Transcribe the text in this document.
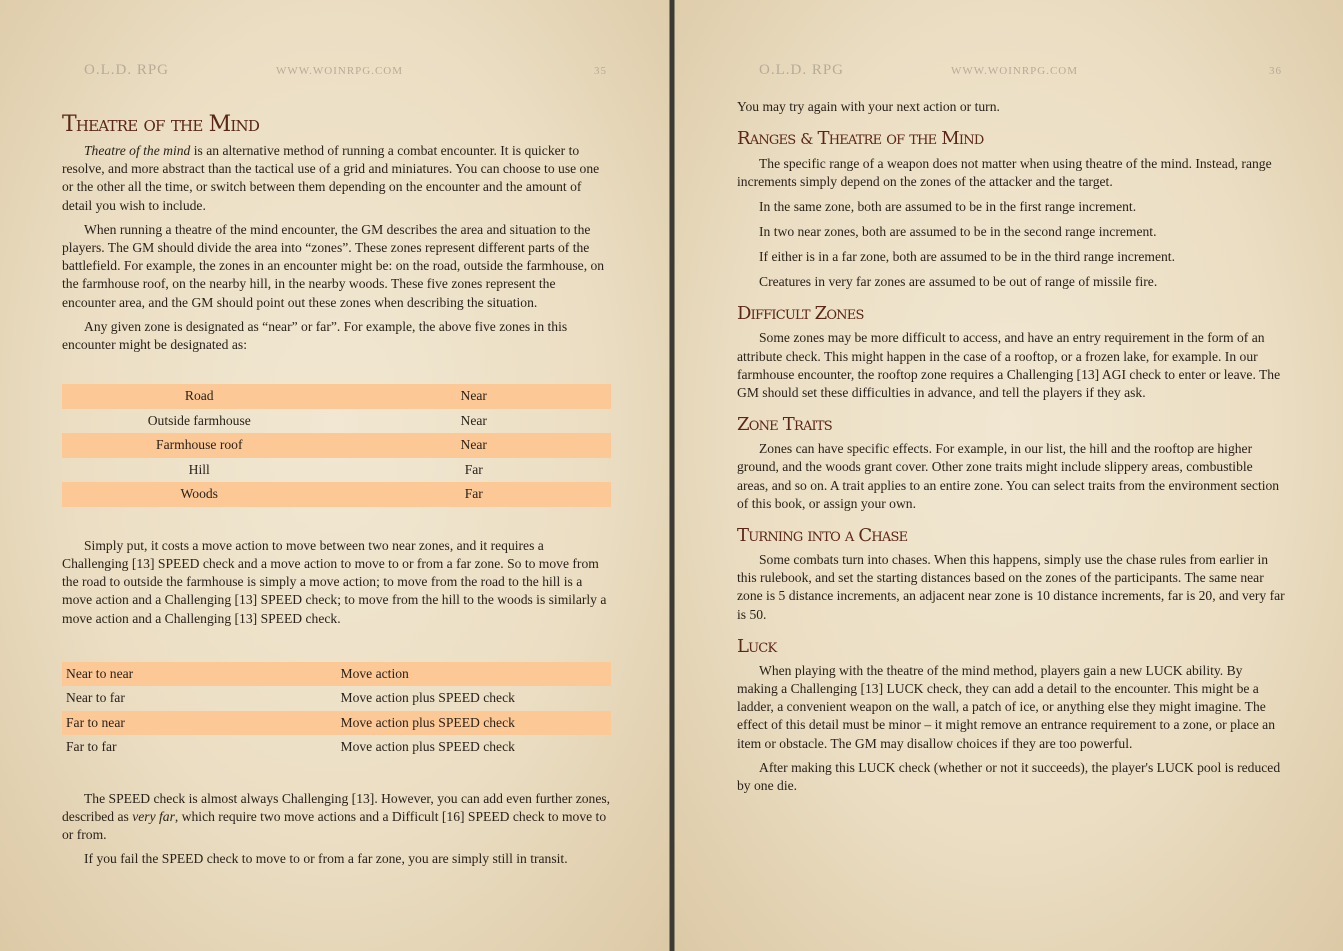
O.L.D. RPG	WWW.WOINRPG.COM	35
Theatre of the Mind

Theatre of the mind is an alternative method of running a combat encounter. It is quicker to resolve, and more abstract than the tactical use of a grid and miniatures. You can choose to use one or the other all the time, or switch between them depending on the encounter and the amount of detail you wish to include.

When running a theatre of the mind encounter, the GM describes the area and situation to the players. The GM should divide the area into “zones”. These zones represent different parts of the battlefield. For example, the zones in an encounter might be: on the road, outside the farmhouse, on the farmhouse roof, on the nearby hill, in the nearby woods. These five zones represent the encounter area, and the GM should point out these zones when describing the situation.

Any given zone is designated as “near” or far”. For example, the above five zones in this encounter might be designated as:

Road	Near
Outside farmhouse	Near
Farmhouse roof	Near
Hill	Far
Woods	Far

Simply put, it costs a move action to move between two near zones, and it requires a Challenging [13] SPEED check and a move action to move to or from a far zone. So to move from the road to outside the farmhouse is simply a move action; to move from the road to the hill is a move action and a Challenging [13] SPEED check; to move from the hill to the woods is similarly a move action and a Challenging [13] SPEED check.

Near to near	Move action
Near to far	Move action plus SPEED check
Far to near	Move action plus SPEED check
Far to far	Move action plus SPEED check

The SPEED check is almost always Challenging [13]. However, you can add even further zones, described as very far, which require two move actions and a Difficult [16] SPEED check to move to or from.

If you fail the SPEED check to move to or from a far zone, you are simply still in transit.

O.L.D. RPG	WWW.WOINRPG.COM	36

You may try again with your next action or turn.

Ranges & Theatre of the Mind

The specific range of a weapon does not matter when using theatre of the mind. Instead, range increments simply depend on the zones of the attacker and the target.

In the same zone, both are assumed to be in the first range increment.

In two near zones, both are assumed to be in the second range increment.

If either is in a far zone, both are assumed to be in the third range increment.

Creatures in very far zones are assumed to be out of range of missile fire.

Difficult Zones

Some zones may be more difficult to access, and have an entry requirement in the form of an attribute check. This might happen in the case of a rooftop, or a frozen lake, for example. In our farmhouse encounter, the rooftop zone requires a Challenging [13] AGI check to enter or leave. The GM should set these difficulties in advance, and tell the players if they ask.

Zone Traits

Zones can have specific effects. For example, in our list, the hill and the rooftop are higher ground, and the woods grant cover. Other zone traits might include slippery areas, combustible areas, and so on. A trait applies to an entire zone. You can select traits from the environment section of this book, or assign your own.

Turning into a Chase

Some combats turn into chases. When this happens, simply use the chase rules from earlier in this rulebook, and set the starting distances based on the zones of the participants. The same near zone is 5 distance increments, an adjacent near zone is 10 distance increments, far is 20, and very far is 50.

Luck

When playing with the theatre of the mind method, players gain a new LUCK ability. By making a Challenging [13] LUCK check, they can add a detail to the encounter. This might be a ladder, a convenient weapon on the wall, a patch of ice, or anything else they might imagine. The effect of this detail must be minor – it might remove an entrance requirement to a zone, or place an item or obstacle. The GM may disallow choices if they are too powerful.

After making this LUCK check (whether or not it succeeds), the player's LUCK pool is reduced by one die.
